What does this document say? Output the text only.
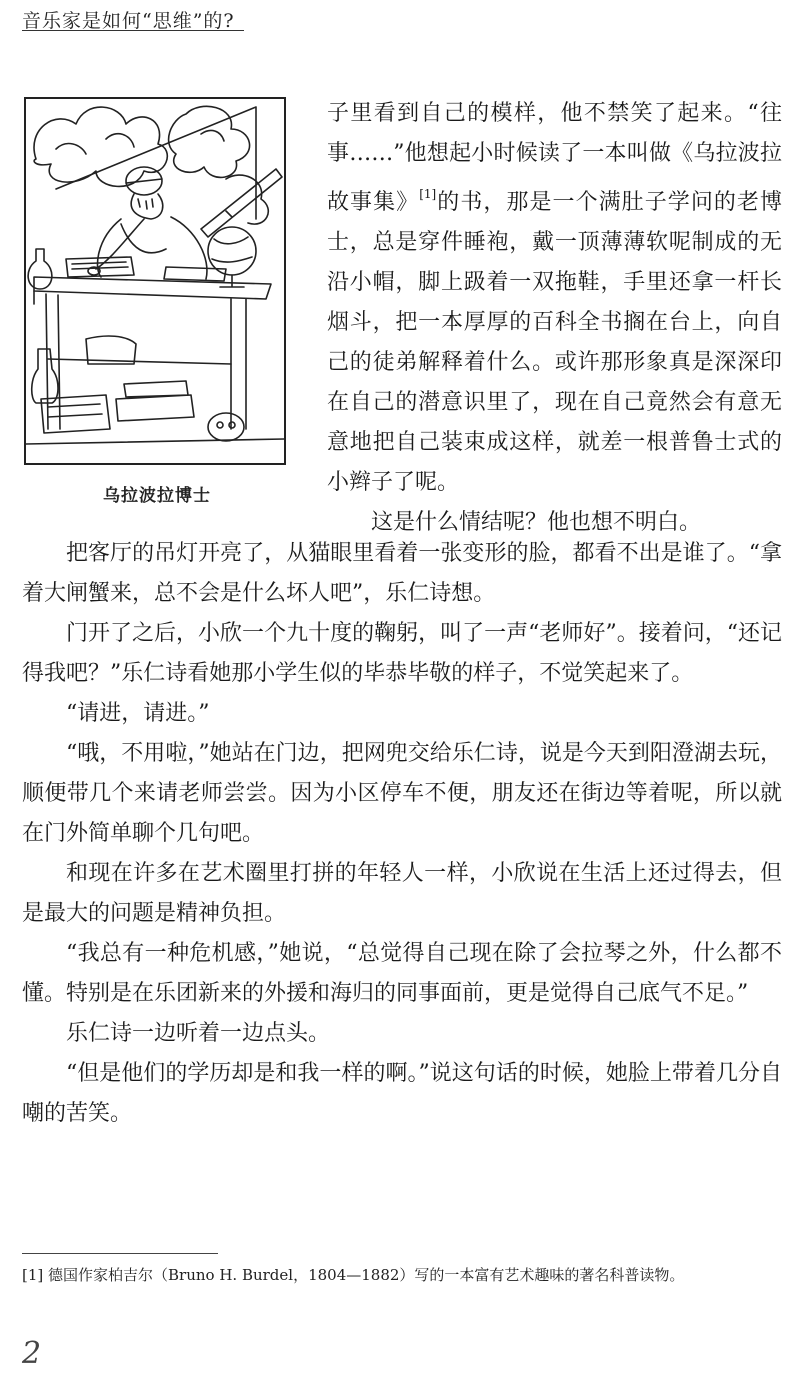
音乐家是如何“思维”的?
乌拉波拉博士

子里看到自己的模样，他不禁笑了起来。“往事……”他想起小时候读了一本叫做《乌拉波拉故事集》[1]的书，那是一个满肚子学问的老博士，总是穿件睡袍，戴一顶薄薄软呢制成的无沿小帽，脚上趿着一双拖鞋，手里还拿一杆长烟斗，把一本厚厚的百科全书搁在台上，向自己的徒弟解释着什么。或许那形象真是深深印在自己的潜意识里了，现在自己竟然会有意无意地把自己装束成这样，就差一根普鲁士式的小辫子了呢。

这是什么情结呢？他也想不明白。

把客厅的吊灯开亮了，从猫眼里看着一张变形的脸，都看不出是谁了。“拿着大闸蟹来，总不会是什么坏人吧”，乐仁诗想。

门开了之后，小欣一个九十度的鞠躬，叫了一声“老师好”。接着问，“还记得我吧？”乐仁诗看她那小学生似的毕恭毕敬的样子，不觉笑起来了。

“请进，请进。”

“哦，不用啦，”她站在门边，把网兜交给乐仁诗，说是今天到阳澄湖去玩，顺便带几个来请老师尝尝。因为小区停车不便，朋友还在街边等着呢，所以就在门外简单聊个几句吧。

和现在许多在艺术圈里打拼的年轻人一样，小欣说在生活上还过得去，但是最大的问题是精神负担。

“我总有一种危机感，”她说，“总觉得自己现在除了会拉琴之外，什么都不懂。特别是在乐团新来的外援和海归的同事面前，更是觉得自己底气不足。”

乐仁诗一边听着一边点头。

“但是他们的学历却是和我一样的啊。”说这句话的时候，她脸上带着几分自嘲的苦笑。

[1] 德国作家柏吉尔（Bruno H. Burdel，1804—1882）写的一本富有艺术趣味的著名科普读物。
2
